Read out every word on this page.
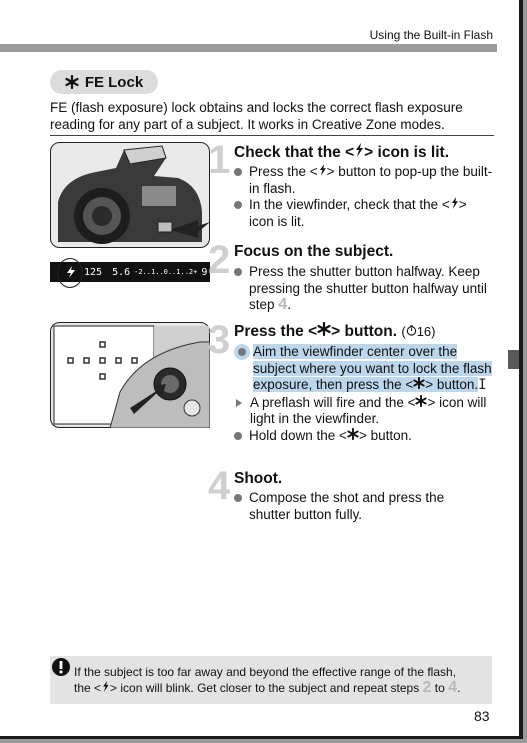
Using the Built-in Flash
FE Lock
FE (flash exposure) lock obtains and locks the correct flash exposure reading for any part of a subject. It works in Creative Zone modes.
125 5.6 -2..1..0..1..2+ 9
1 Check that the < > icon is lit.
Press the < > button to pop-up the built-in flash.
In the viewfinder, check that the < > icon is lit.
2 Focus on the subject.
Press the shutter button halfway. Keep pressing the shutter button halfway until step 4.
3 Press the < > button. ( 16)
Aim the viewfinder center over the subject where you want to lock the flash exposure, then press the < > button.I
A preflash will fire and the < > icon will light in the viewfinder.
Hold down the < > button.
4 Shoot.
Compose the shot and press the shutter button fully.
If the subject is too far away and beyond the effective range of the flash,
the < > icon will blink. Get closer to the subject and repeat steps 2 to 4.
83
